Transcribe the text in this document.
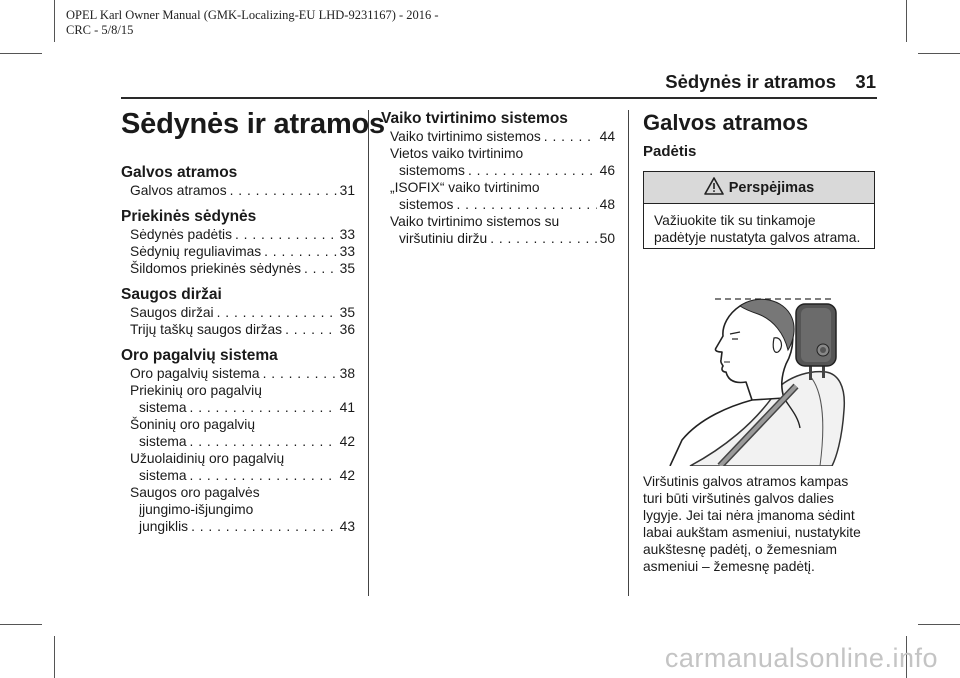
OPEL Karl Owner Manual (GMK-Localizing-EU LHD-9231167) - 2016 -
CRC - 5/8/15
Sėdynės ir atramos 31
Sėdynės ir atramos
Galvos atramos
Galvos atramos . . .	31
Priekinės sėdynės
Sėdynės padėtis . . .	33
Sėdynių reguliavimas . . .	33
Šildomos priekinės sėdynės . . .	35
Saugos diržai
Saugos diržai . . .	35
Trijų taškų saugos diržas . . .	36
Oro pagalvių sistema
Oro pagalvių sistema . . .	38
Priekinių oro pagalvių
sistema . . .	41
Šoninių oro pagalvių
sistema . . .	42
Užuolaidinių oro pagalvių
sistema . . .	42
Saugos oro pagalvės
įjungimo-išjungimo
jungiklis . . .	43
Vaiko tvirtinimo sistemos
Vaiko tvirtinimo sistemos . . .	44
Vietos vaiko tvirtinimo
sistemoms . . .	46
„ISOFIX“ vaiko tvirtinimo
sistemos . . .	48
Vaiko tvirtinimo sistemos su
viršutiniu diržu . . .	50
Galvos atramos
Padėtis
Perspėjimas
Važiuokite tik su tinkamoje
padėtyje nustatyta galvos atrama.
Viršutinis galvos atramos kampas
turi būti viršutinės galvos dalies
lygyje. Jei tai nėra įmanoma sėdint
labai aukštam asmeniui, nustatykite
aukštesnę padėtį, o žemesniam
asmeniui – žemesnę padėtį.
carmanualsonline.info
